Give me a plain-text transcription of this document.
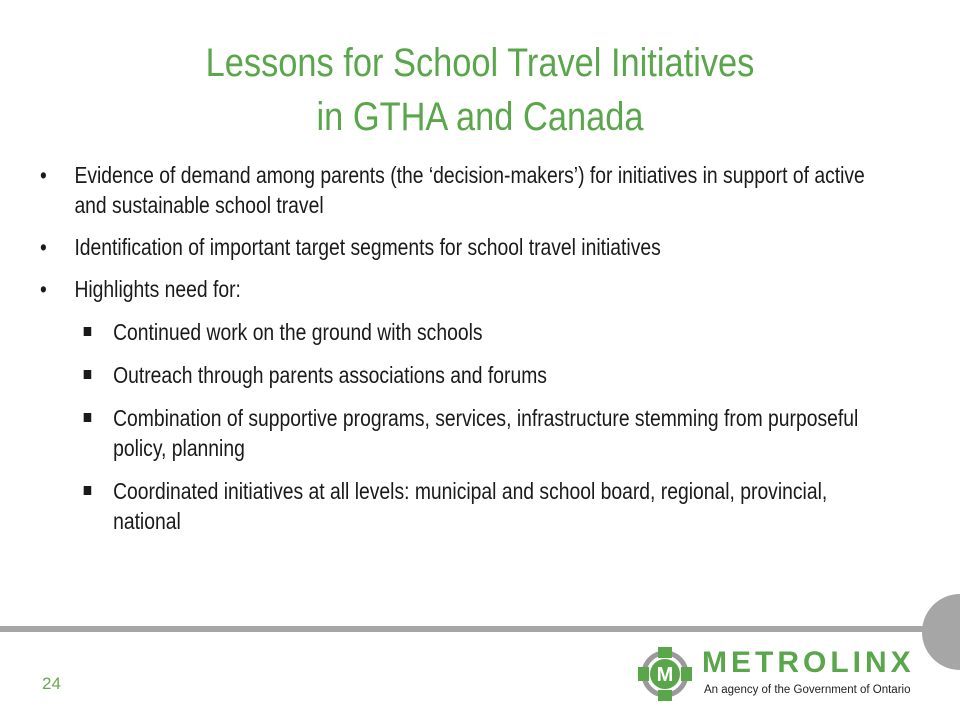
Lessons for School Travel Initiatives
in GTHA and Canada
• Evidence of demand among parents (the ‘decision-makers’) for initiatives in support of active and sustainable school travel
• Identification of important target segments for school travel initiatives
• Highlights need for:
Continued work on the ground with schools
Outreach through parents associations and forums
Combination of supportive programs, services, infrastructure stemming from purposeful policy, planning
Coordinated initiatives at all levels: municipal and school board, regional, provincial, national
24	M METROLINX
An agency of the Government of Ontario
